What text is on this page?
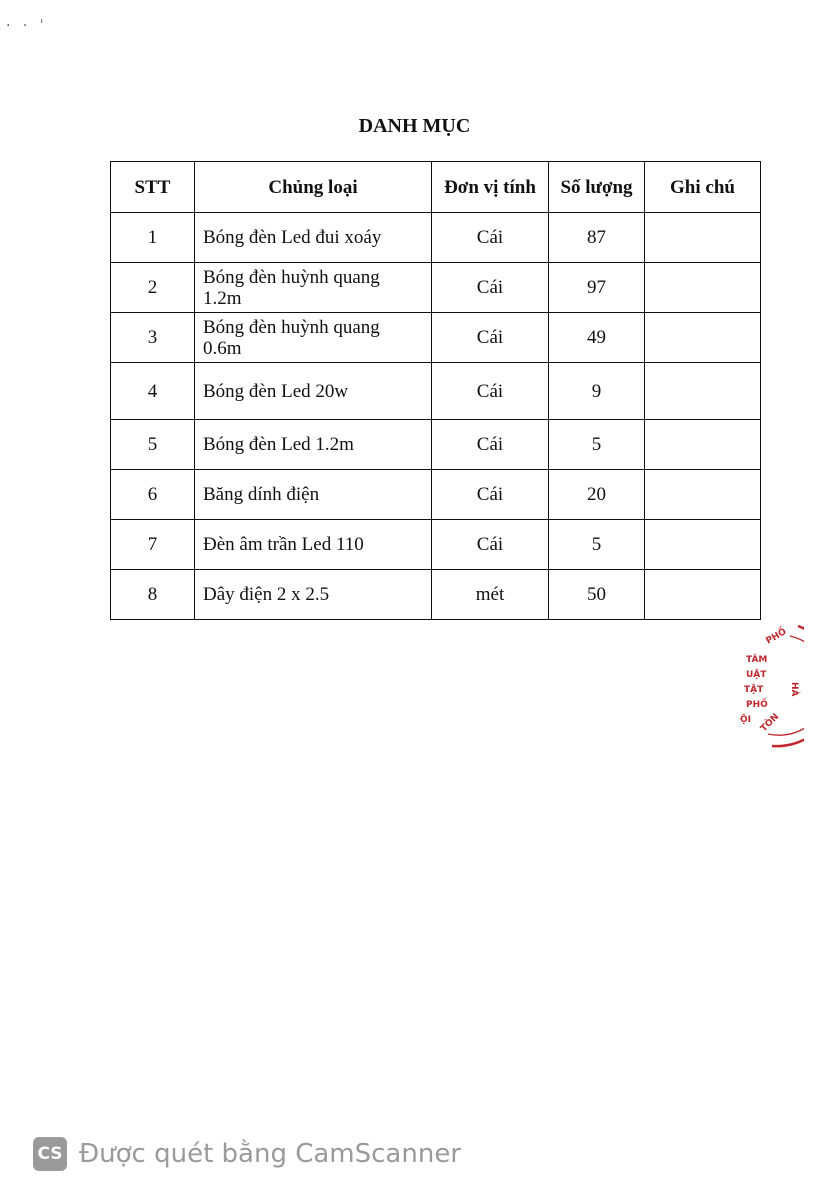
· · ˈ
DANH MỤC
STT	Chủng loại	Đơn vị tính	Số lượng	Ghi chú
1	Bóng đèn Led đui xoáy	Cái	87	
2	Bóng đèn huỳnh quang 1.2m	Cái	97	
3	Bóng đèn huỳnh quang 0.6m	Cái	49	
4	Bóng đèn Led 20w	Cái	9	
5	Bóng đèn Led 1.2m	Cái	5	
6	Băng dính điện	Cái	20	
7	Đèn âm trần Led 110	Cái	5	
8	Dây điện 2 x 2.5	mét	50	
PHỐ
TÂM
UẬT
TẬT
PHỐ
ỘI TÒN
HÀ
CS Được quét bằng CamScanner
